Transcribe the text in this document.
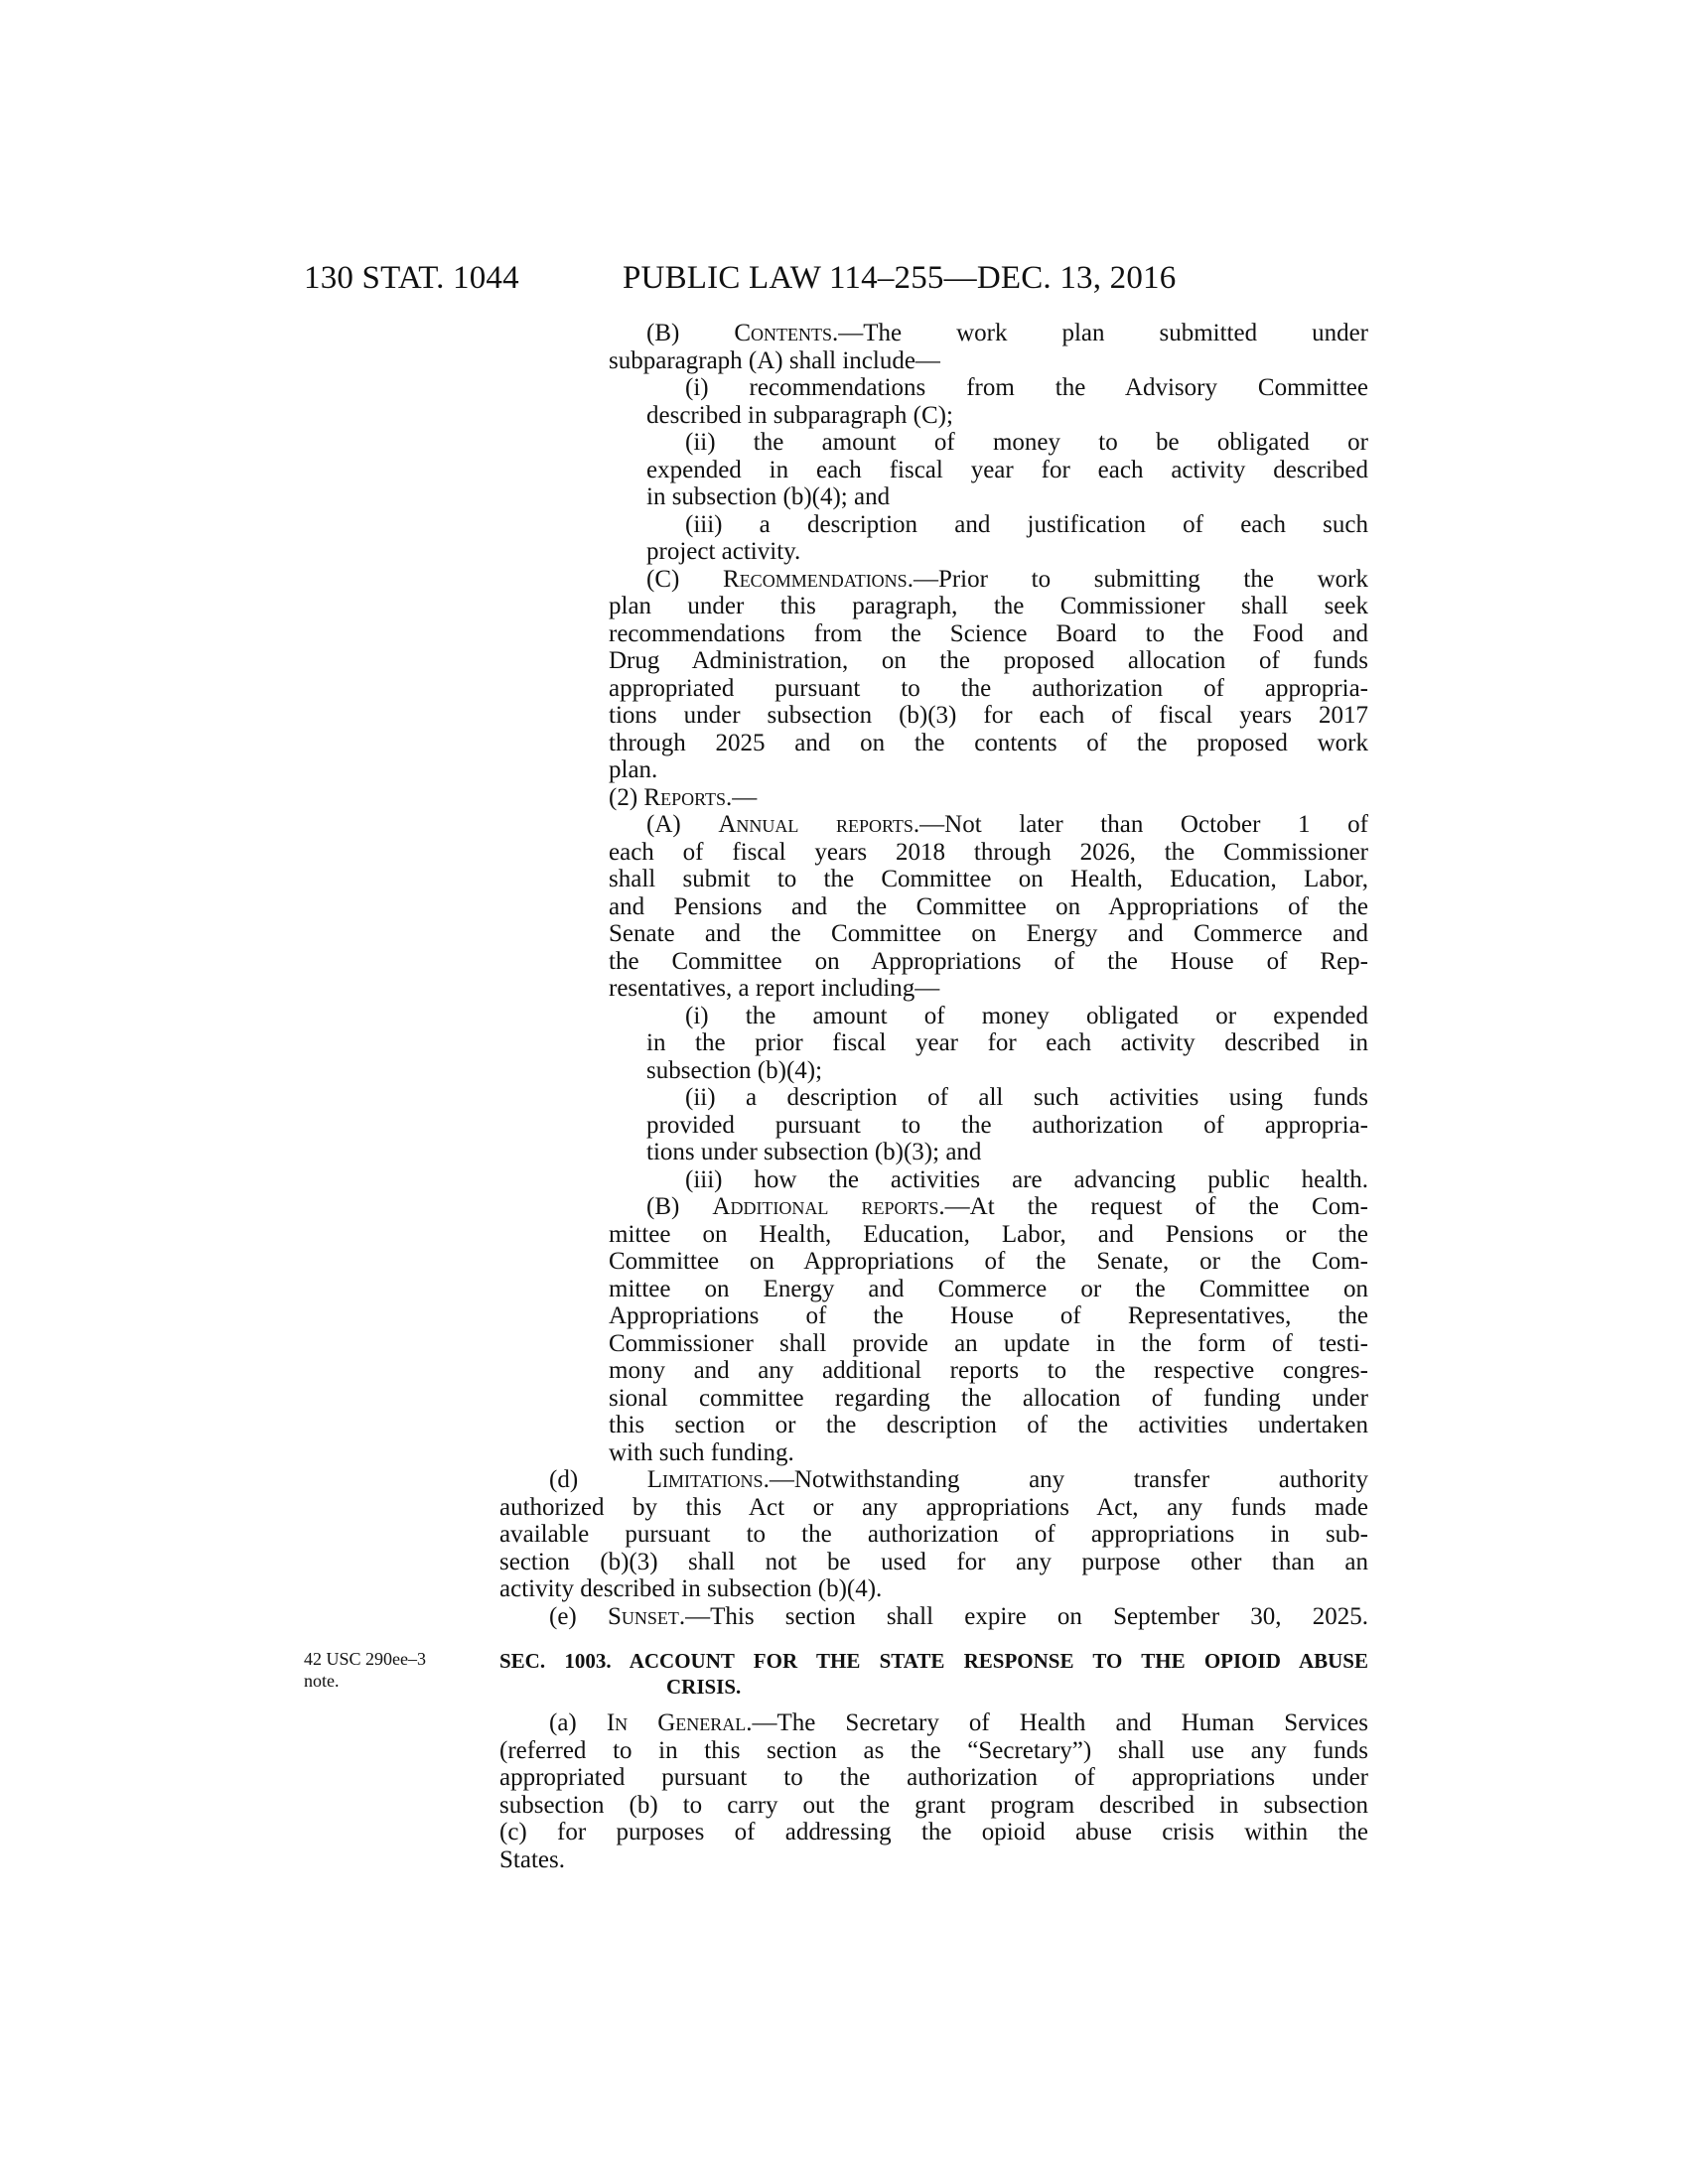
130 STAT. 1044	PUBLIC LAW 114–255—DEC. 13, 2016
(B) Contents.—The work plan submitted under
subparagraph (A) shall include—
(i) recommendations from the Advisory Committee
described in subparagraph (C);
(ii) the amount of money to be obligated or
expended in each fiscal year for each activity described
in subsection (b)(4); and
(iii) a description and justification of each such
project activity.
(C) Recommendations.—Prior to submitting the work
plan under this paragraph, the Commissioner shall seek
recommendations from the Science Board to the Food and
Drug Administration, on the proposed allocation of funds
appropriated pursuant to the authorization of appropria-
tions under subsection (b)(3) for each of fiscal years 2017
through 2025 and on the contents of the proposed work
plan.
(2) Reports.—
(A) Annual reports.—Not later than October 1 of
each of fiscal years 2018 through 2026, the Commissioner
shall submit to the Committee on Health, Education, Labor,
and Pensions and the Committee on Appropriations of the
Senate and the Committee on Energy and Commerce and
the Committee on Appropriations of the House of Rep-
resentatives, a report including—
(i) the amount of money obligated or expended
in the prior fiscal year for each activity described in
subsection (b)(4);
(ii) a description of all such activities using funds
provided pursuant to the authorization of appropria-
tions under subsection (b)(3); and
(iii) how the activities are advancing public health.
(B) Additional reports.—At the request of the Com-
mittee on Health, Education, Labor, and Pensions or the
Committee on Appropriations of the Senate, or the Com-
mittee on Energy and Commerce or the Committee on
Appropriations of the House of Representatives, the
Commissioner shall provide an update in the form of testi-
mony and any additional reports to the respective congres-
sional committee regarding the allocation of funding under
this section or the description of the activities undertaken
with such funding.
(d) Limitations.—Notwithstanding any transfer authority
authorized by this Act or any appropriations Act, any funds made
available pursuant to the authorization of appropriations in sub-
section (b)(3) shall not be used for any purpose other than an
activity described in subsection (b)(4).
(e) Sunset.—This section shall expire on September 30, 2025.
42 USC 290ee–3
note.
SEC. 1003. ACCOUNT FOR THE STATE RESPONSE TO THE OPIOID ABUSE
CRISIS.
(a) In General.—The Secretary of Health and Human Services
(referred to in this section as the “Secretary”) shall use any funds
appropriated pursuant to the authorization of appropriations under
subsection (b) to carry out the grant program described in subsection
(c) for purposes of addressing the opioid abuse crisis within the
States.
